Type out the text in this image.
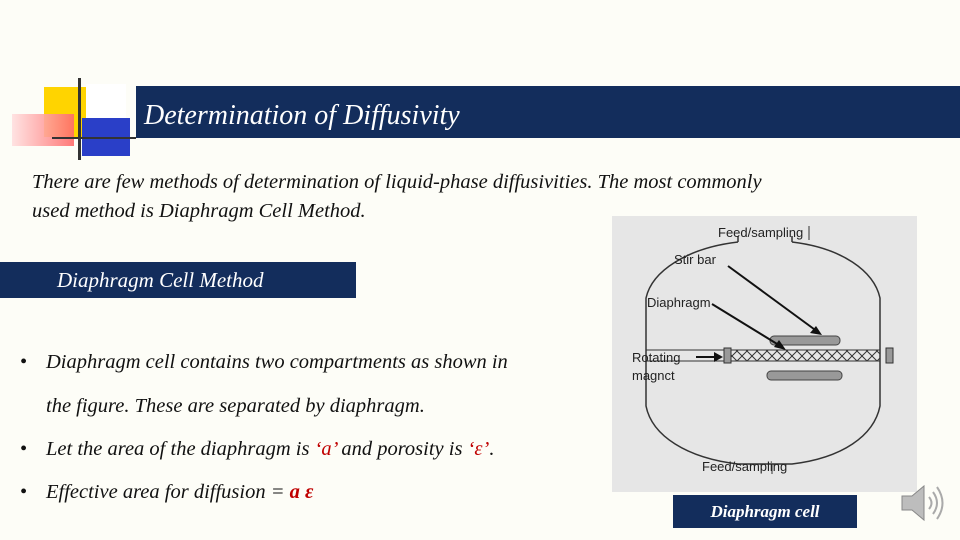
Determination of Diffusivity
There are few methods of determination of liquid-phase diffusivities. The most commonly
used method is Diaphragm Cell Method.
Diaphragm Cell Method
• Diaphragm cell contains two compartments as shown in
the figure. These are separated by diaphragm.
• Let the area of the diaphragm is ‘a’ and porosity is ‘ε’.
• Effective area for diffusion = a ε
Feed/sampling
Stir bar
Diaphragm
Rotating
magnct
Feed/sampling
Diaphragm cell
